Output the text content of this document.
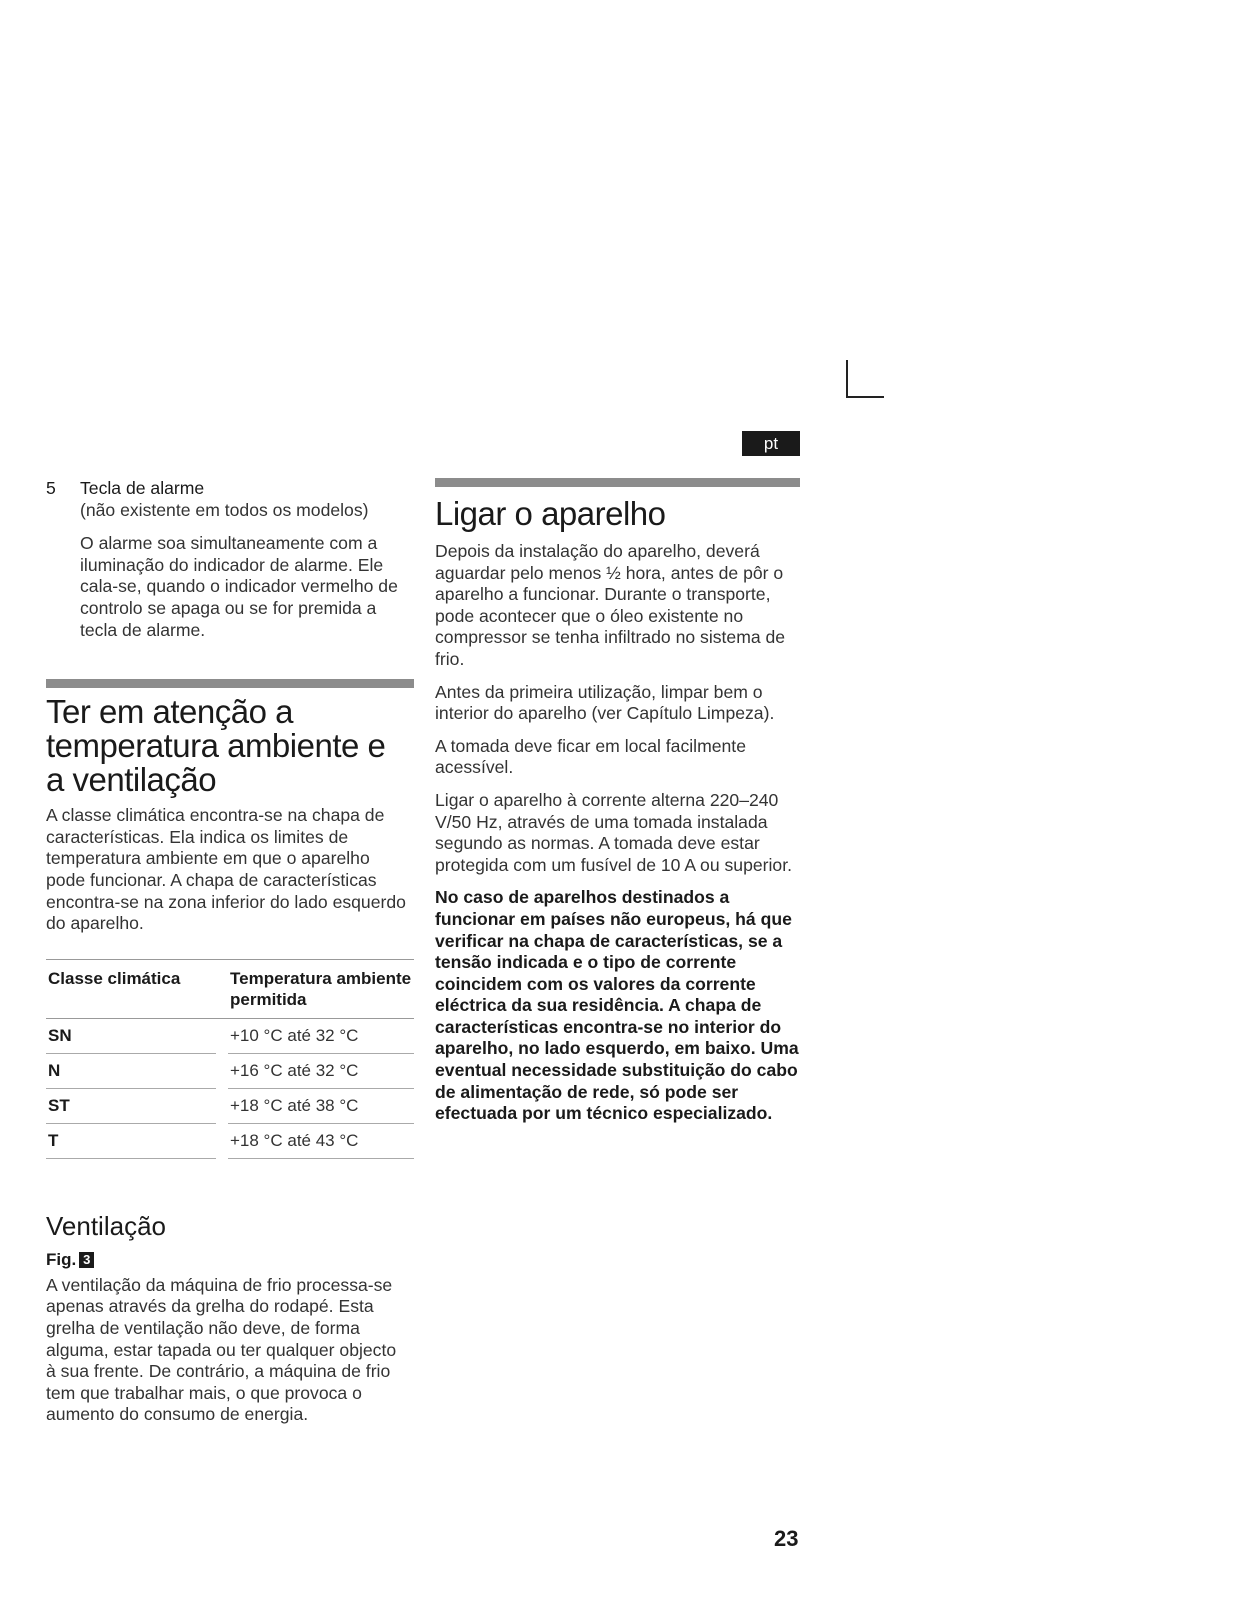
pt
5 Tecla de alarme

(não existente em todos os modelos)

O alarme soa simultaneamente com a iluminação do indicador de alarme. Ele cala-se, quando o indicador vermelho de controlo se apaga ou se for premida a tecla de alarme.

Ter em atenção a temperatura ambiente e a ventilação

A classe climática encontra-se na chapa de características. Ela indica os limites de temperatura ambiente em que o aparelho pode funcionar. A chapa de características encontra-se na zona inferior do lado esquerdo do aparelho.

Classe climática	Temperatura ambiente permitida	
SN		+10 °C até 32 °C
N		+16 °C até 32 °C
ST		+18 °C até 38 °C
T		+18 °C até 43 °C
Ventilação
Fig. 3

A ventilação da máquina de frio processa-se apenas através da grelha do rodapé. Esta grelha de ventilação não deve, de forma alguma, estar tapada ou ter qualquer objecto à sua frente. De contrário, a máquina de frio tem que trabalhar mais, o que provoca o aumento do consumo de energia.

Ligar o aparelho

Depois da instalação do aparelho, deverá aguardar pelo menos ½ hora, antes de pôr o aparelho a funcionar. Durante o transporte, pode acontecer que o óleo existente no compressor se tenha infiltrado no sistema de frio.

Antes da primeira utilização, limpar bem o interior do aparelho (ver Capítulo Limpeza).

A tomada deve ficar em local facilmente acessível.

Ligar o aparelho à corrente alterna 220–240 V/50 Hz, através de uma tomada instalada segundo as normas. A tomada deve estar protegida com um fusível de 10 A ou superior.

No caso de aparelhos destinados a funcionar em países não europeus, há que verificar na chapa de características, se a tensão indicada e o tipo de corrente coincidem com os valores da corrente eléctrica da sua residência. A chapa de características encontra-se no interior do aparelho, no lado esquerdo, em baixo. Uma eventual necessidade substituição do cabo de alimentação de rede, só pode ser efectuada por um técnico especializado.

23
